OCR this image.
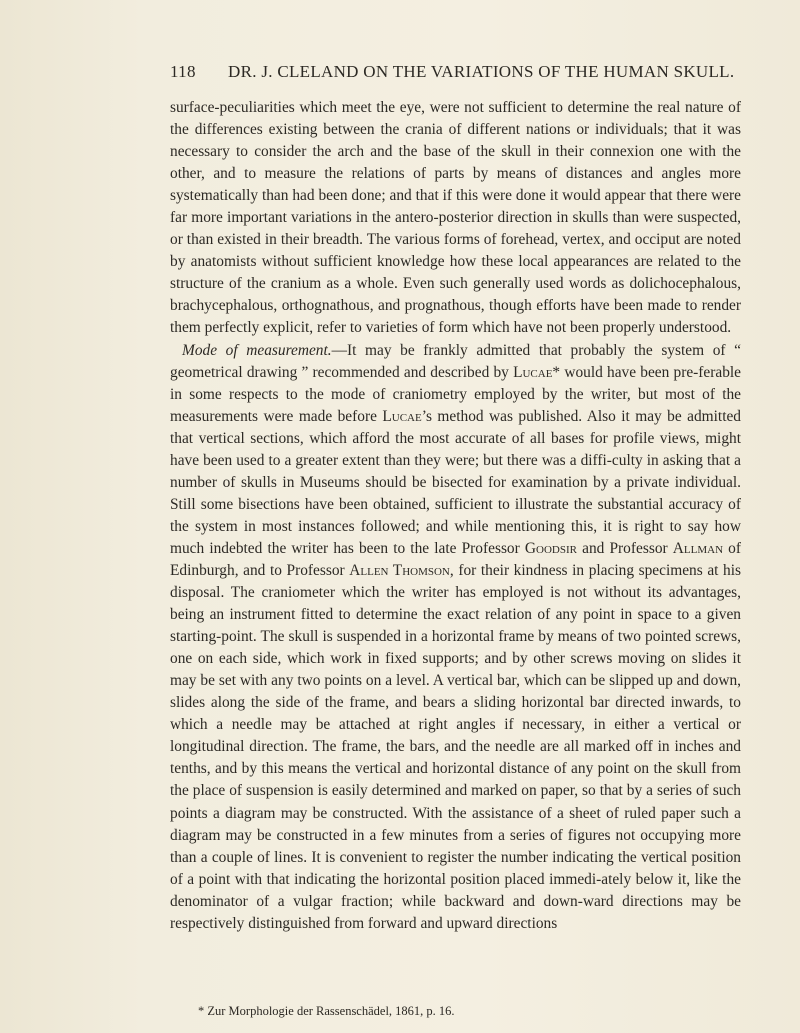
118 DR. J. CLELAND ON THE VARIATIONS OF THE HUMAN SKULL.

surface-peculiarities which meet the eye, were not sufficient to determine the real nature of the differences existing between the crania of different nations or individuals; that it was necessary to consider the arch and the base of the skull in their connexion one with the other, and to measure the relations of parts by means of distances and angles more systematically than had been done; and that if this were done it would appear that there were far more important variations in the antero-posterior direction in skulls than were suspected, or than existed in their breadth. The various forms of forehead, vertex, and occiput are noted by anatomists without sufficient knowledge how these local appearances are related to the structure of the cranium as a whole. Even such generally used words as dolichocephalous, brachycephalous, orthognathous, and prognathous, though efforts have been made to render them perfectly explicit, refer to varieties of form which have not been properly understood.

Mode of measurement.—It may be frankly admitted that probably the system of “ geometrical drawing ” recommended and described by Lucae* would have been pre-ferable in some respects to the mode of craniometry employed by the writer, but most of the measurements were made before Lucae’s method was published. Also it may be admitted that vertical sections, which afford the most accurate of all bases for profile views, might have been used to a greater extent than they were; but there was a diffi-culty in asking that a number of skulls in Museums should be bisected for examination by a private individual. Still some bisections have been obtained, sufficient to illustrate the substantial accuracy of the system in most instances followed; and while mentioning this, it is right to say how much indebted the writer has been to the late Professor Goodsir and Professor Allman of Edinburgh, and to Professor Allen Thomson, for their kindness in placing specimens at his disposal. The craniometer which the writer has employed is not without its advantages, being an instrument fitted to determine the exact relation of any point in space to a given starting-point. The skull is suspended in a horizontal frame by means of two pointed screws, one on each side, which work in fixed supports; and by other screws moving on slides it may be set with any two points on a level. A vertical bar, which can be slipped up and down, slides along the side of the frame, and bears a sliding horizontal bar directed inwards, to which a needle may be attached at right angles if necessary, in either a vertical or longitudinal direction. The frame, the bars, and the needle are all marked off in inches and tenths, and by this means the vertical and horizontal distance of any point on the skull from the place of suspension is easily determined and marked on paper, so that by a series of such points a diagram may be constructed. With the assistance of a sheet of ruled paper such a diagram may be constructed in a few minutes from a series of figures not occupying more than a couple of lines. It is convenient to register the number indicating the vertical position of a point with that indicating the horizontal position placed immedi-ately below it, like the denominator of a vulgar fraction; while backward and down-ward directions may be respectively distinguished from forward and upward directions

* Zur Morphologie der Rassenschädel, 1861, p. 16.
